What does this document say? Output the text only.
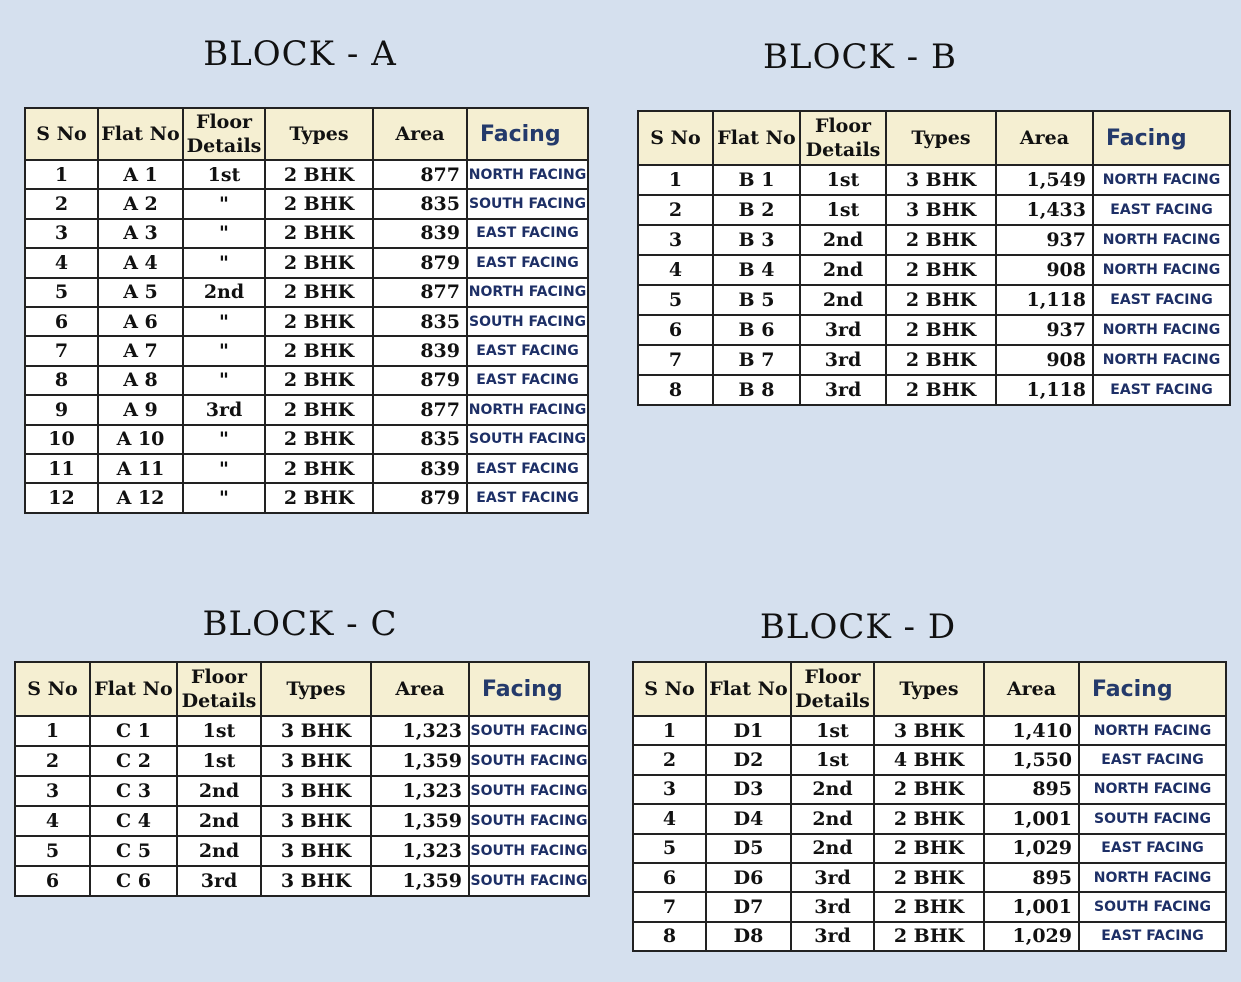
BLOCK - A
S No	Flat No	Floor Details	Types	Area	Facing
1	A 1	1st	2 BHK	877	NORTH FACING
2	A 2	"	2 BHK	835	SOUTH FACING
3	A 3	"	2 BHK	839	EAST FACING
4	A 4	"	2 BHK	879	EAST FACING
5	A 5	2nd	2 BHK	877	NORTH FACING
6	A 6	"	2 BHK	835	SOUTH FACING
7	A 7	"	2 BHK	839	EAST FACING
8	A 8	"	2 BHK	879	EAST FACING
9	A 9	3rd	2 BHK	877	NORTH FACING
10	A 10	"	2 BHK	835	SOUTH FACING
11	A 11	"	2 BHK	839	EAST FACING
12	A 12	"	2 BHK	879	EAST FACING
BLOCK - B
S No	Flat No	Floor Details	Types	Area	Facing
1	B 1	1st	3 BHK	1,549	NORTH FACING
2	B 2	1st	3 BHK	1,433	EAST FACING
3	B 3	2nd	2 BHK	937	NORTH FACING
4	B 4	2nd	2 BHK	908	NORTH FACING
5	B 5	2nd	2 BHK	1,118	EAST FACING
6	B 6	3rd	2 BHK	937	NORTH FACING
7	B 7	3rd	2 BHK	908	NORTH FACING
8	B 8	3rd	2 BHK	1,118	EAST FACING
BLOCK - C
S No	Flat No	Floor Details	Types	Area	Facing
1	C 1	1st	3 BHK	1,323	SOUTH FACING
2	C 2	1st	3 BHK	1,359	SOUTH FACING
3	C 3	2nd	3 BHK	1,323	SOUTH FACING
4	C 4	2nd	3 BHK	1,359	SOUTH FACING
5	C 5	2nd	3 BHK	1,323	SOUTH FACING
6	C 6	3rd	3 BHK	1,359	SOUTH FACING
BLOCK - D
S No	Flat No	Floor Details	Types	Area	Facing
1	D1	1st	3 BHK	1,410	NORTH FACING
2	D2	1st	4 BHK	1,550	EAST FACING
3	D3	2nd	2 BHK	895	NORTH FACING
4	D4	2nd	2 BHK	1,001	SOUTH FACING
5	D5	2nd	2 BHK	1,029	EAST FACING
6	D6	3rd	2 BHK	895	NORTH FACING
7	D7	3rd	2 BHK	1,001	SOUTH FACING
8	D8	3rd	2 BHK	1,029	EAST FACING
